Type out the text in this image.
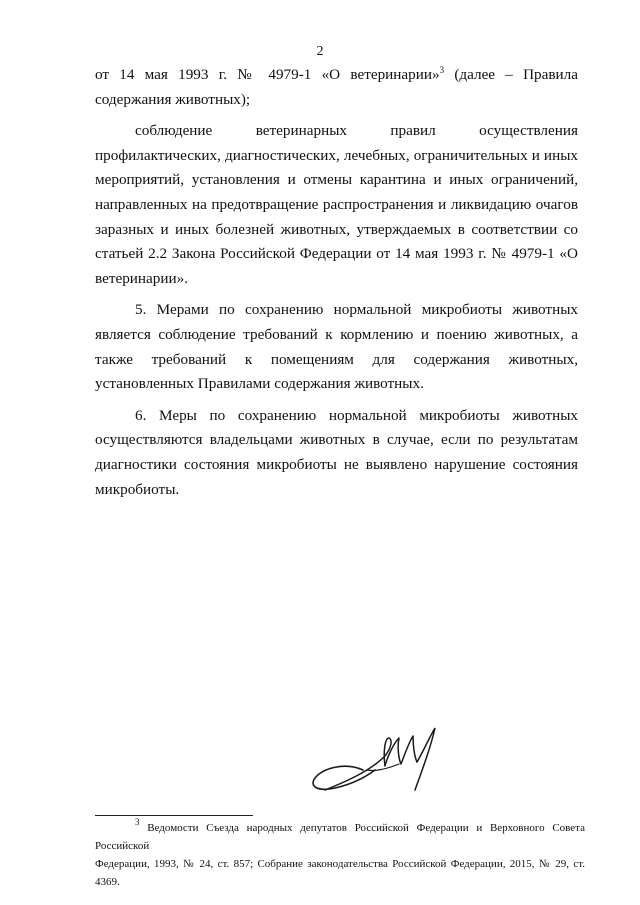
2

от 14 мая 1993 г. № 4979-1 «О ветеринарии»$^3$ (далее – Правила содержания животных);

соблюдение ветеринарных правил осуществления профилактических, диагностических, лечебных, ограничительных и иных мероприятий, установления и отмены карантина и иных ограничений, направленных на предотвращение распространения и ликвидацию очагов заразных и иных болезней животных, утверждаемых в соответствии со статьей 2.2 Закона Российской Федерации от 14 мая 1993 г. № 4979-1 «О ветеринарии».

5. Мерами по сохранению нормальной микробиоты животных является соблюдение требований к кормлению и поению животных, а также требований к помещениям для содержания животных, установленных Правилами содержания животных.

6. Меры по сохранению нормальной микробиоты животных осуществляются владельцами животных в случае, если по результатам диагностики состояния микробиоты не выявлено нарушение состояния микробиоты.

$^3$ Ведомости Съезда народных депутатов Российской Федерации и Верховного Совета Российской
Федерации, 1993, № 24, ст. 857; Собрание законодательства Российской Федерации, 2015, № 29, ст. 4369.
